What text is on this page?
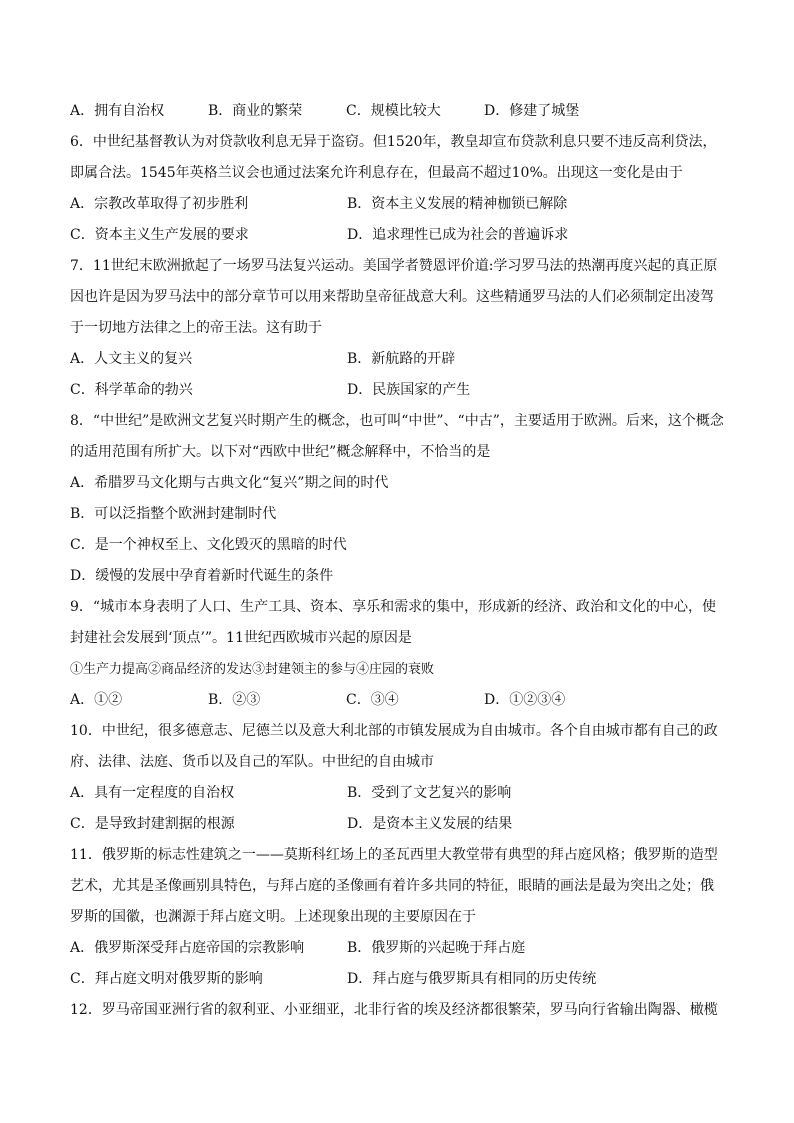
A．拥有自治权	B．商业的繁荣	C．规模比较大	D．修建了城堡
6．中世纪基督教认为对贷款收利息无异于盗窃。但1520年，教皇却宣布贷款利息只要不违反高利贷法，
即属合法。1545年英格兰议会也通过法案允许利息存在，但最高不超过10%。出现这一变化是由于
A．宗教改革取得了初步胜利	B．资本主义发展的精神枷锁已解除
C．资本主义生产发展的要求	D．追求理性已成为社会的普遍诉求
7．11世纪末欧洲掀起了一场罗马法复兴运动。美国学者赞恩评价道:学习罗马法的热潮再度兴起的真正原
因也许是因为罗马法中的部分章节可以用来帮助皇帝征战意大利。这些精通罗马法的人们必须制定出凌驾
于一切地方法律之上的帝王法。这有助于
A．人文主义的复兴	B．新航路的开辟
C．科学革命的勃兴	D．民族国家的产生
8．“中世纪”是欧洲文艺复兴时期产生的概念，也可叫“中世”、“中古”，主要适用于欧洲。后来，这个概念
的适用范围有所扩大。以下对“西欧中世纪”概念解释中，不恰当的是
A．希腊罗马文化期与古典文化“复兴”期之间的时代
B．可以泛指整个欧洲封建制时代
C．是一个神权至上、文化毁灭的黑暗的时代
D．缓慢的发展中孕育着新时代诞生的条件
9．“城市本身表明了人口、生产工具、资本、享乐和需求的集中，形成新的经济、政治和文化的中心，使
封建社会发展到‘顶点’”。11世纪西欧城市兴起的原因是
①生产力提高②商品经济的发达③封建领主的参与④庄园的衰败
A．①②	B．②③	C．③④	D．①②③④
10．中世纪，很多德意志、尼德兰以及意大利北部的市镇发展成为自由城市。各个自由城市都有自己的政
府、法律、法庭、货币以及自己的军队。中世纪的自由城市
A．具有一定程度的自治权	B．受到了文艺复兴的影响
C．是导致封建割据的根源	D．是资本主义发展的结果
11．俄罗斯的标志性建筑之一——莫斯科红场上的圣瓦西里大教堂带有典型的拜占庭风格；俄罗斯的造型
艺术，尤其是圣像画别具特色，与拜占庭的圣像画有着许多共同的特征，眼睛的画法是最为突出之处；俄
罗斯的国徽，也渊源于拜占庭文明。上述现象出现的主要原因在于
A．俄罗斯深受拜占庭帝国的宗教影响	B．俄罗斯的兴起晚于拜占庭
C．拜占庭文明对俄罗斯的影响	D．拜占庭与俄罗斯具有相同的历史传统
12．罗马帝国亚洲行省的叙利亚、小亚细亚，北非行省的埃及经济都很繁荣，罗马向行省输出陶器、橄榄
